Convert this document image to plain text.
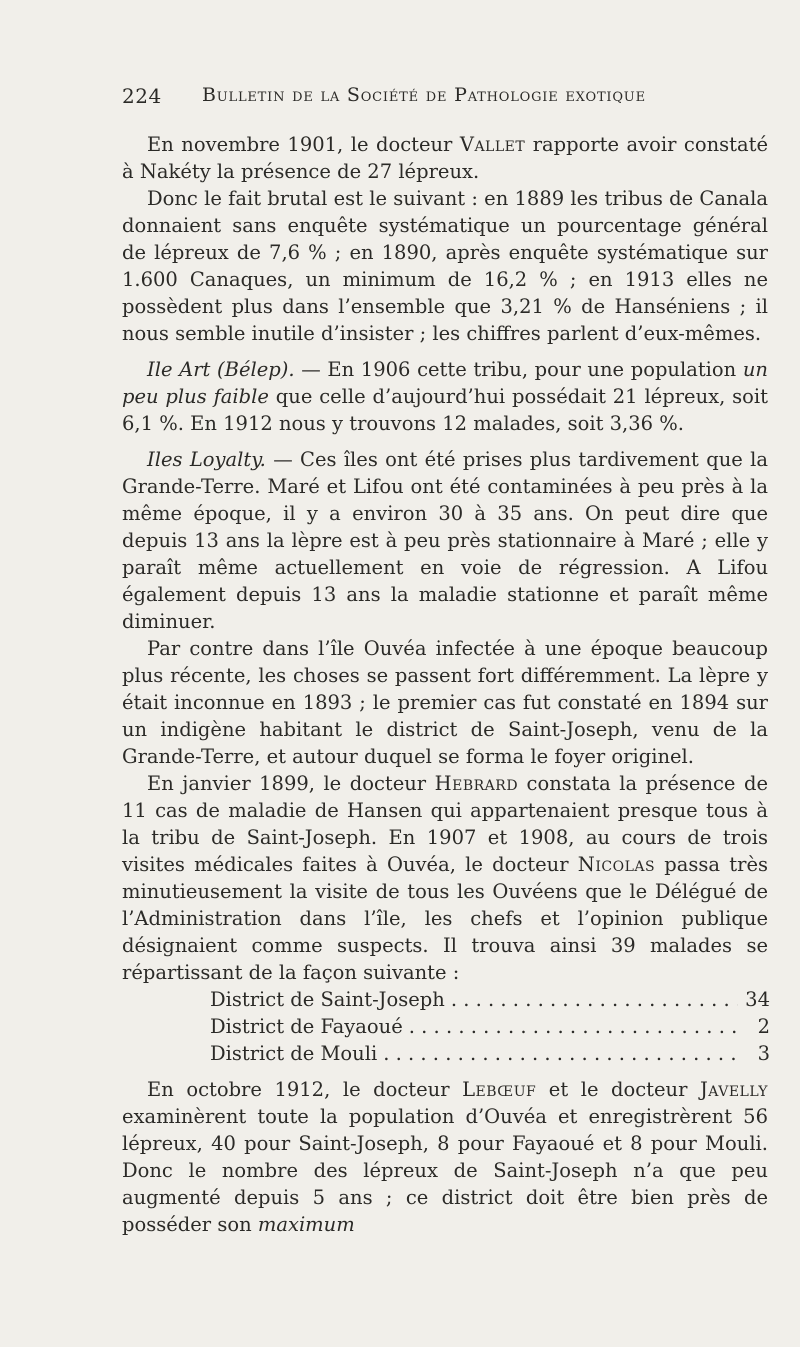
224 Bulletin de la Société de Pathologie exotique

En novembre 1901, le docteur Vallet rapporte avoir constaté à Nakéty la présence de 27 lépreux.

Donc le fait brutal est le suivant : en 1889 les tribus de Canala donnaient sans enquête systématique un pourcentage général de lépreux de 7,6 % ; en 1890, après enquête systématique sur 1.600 Canaques, un minimum de 16,2 % ; en 1913 elles ne possèdent plus dans l’ensemble que 3,21 % de Hanséniens ; il nous semble inutile d’insister ; les chiffres parlent d’eux-mêmes.

Ile Art (Bélep). — En 1906 cette tribu, pour une population un peu plus faible que celle d’aujourd’hui possédait 21 lépreux, soit 6,1 %. En 1912 nous y trouvons 12 malades, soit 3,36 %.

Iles Loyalty. — Ces îles ont été prises plus tardivement que la Grande-Terre. Maré et Lifou ont été contaminées à peu près à la même époque, il y a environ 30 à 35 ans. On peut dire que depuis 13 ans la lèpre est à peu près stationnaire à Maré ; elle y paraît même actuellement en voie de régression. A Lifou également depuis 13 ans la maladie stationne et paraît même diminuer.

Par contre dans l’île Ouvéa infectée à une époque beaucoup plus récente, les choses se passent fort différemment. La lèpre y était inconnue en 1893 ; le premier cas fut constaté en 1894 sur un indigène habitant le district de Saint-Joseph, venu de la Grande-Terre, et autour duquel se forma le foyer originel.

En janvier 1899, le docteur Hebrard constata la présence de 11 cas de maladie de Hansen qui appartenaient presque tous à la tribu de Saint-Joseph. En 1907 et 1908, au cours de trois visites médicales faites à Ouvéa, le docteur Nicolas passa très minutieusement la visite de tous les Ouvéens que le Délégué de l’Administration dans l’île, les chefs et l’opinion publique désignaient comme suspects. Il trouva ainsi 39 malades se répartissant de la façon suivante :

District de Saint-Joseph . . .	34
District de Fayaoué . . .	2
District de Mouli . . .	3

En octobre 1912, le docteur Lebœuf et le docteur Javelly examinèrent toute la population d’Ouvéa et enregistrèrent 56 lépreux, 40 pour Saint-Joseph, 8 pour Fayaoué et 8 pour Mouli. Donc le nombre des lépreux de Saint-Joseph n’a que peu augmenté depuis 5 ans ; ce district doit être bien près de posséder son maximum
